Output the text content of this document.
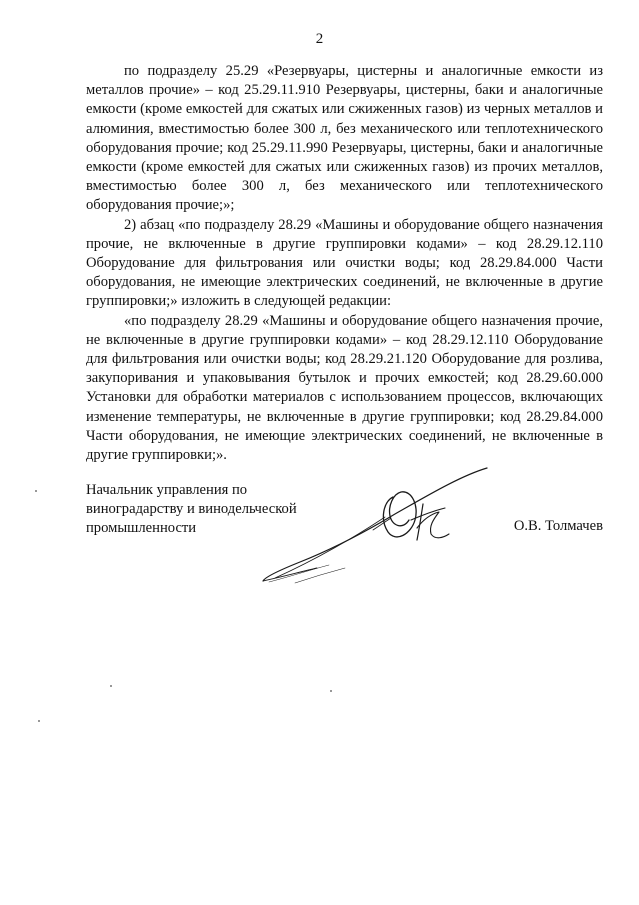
2

по подразделу 25.29 «Резервуары, цистерны и аналогичные емкости из металлов прочие» – код 25.29.11.910 Резервуары, цистерны, баки и аналогичные емкости (кроме емкостей для сжатых или сжиженных газов) из черных металлов и алюминия, вместимостью более 300 л, без механического или теплотехнического оборудования прочие; код 25.29.11.990 Резервуары, цистерны, баки и аналогичные емкости (кроме емкостей для сжатых или сжиженных газов) из прочих металлов, вместимостью более 300 л, без механического или теплотехнического оборудования прочие;»;

2) абзац «по подразделу 28.29 «Машины и оборудование общего назначения прочие, не включенные в другие группировки кодами» – код 28.29.12.110 Оборудование для фильтрования или очистки воды; код 28.29.84.000 Части оборудования, не имеющие электрических соединений, не включенные в другие группировки;» изложить в следующей редакции:

«по подразделу 28.29 «Машины и оборудование общего назначения прочие, не включенные в другие группировки кодами» – код 28.29.12.110 Оборудование для фильтрования или очистки воды; код 28.29.21.120 Оборудование для розлива, закупоривания и упаковывания бутылок и прочих емкостей; код 28.29.60.000 Установки для обработки материалов с использованием процессов, включающих изменение температуры, не включенные в другие группировки; код 28.29.84.000 Части оборудования, не имеющие электрических соединений, не включенные в другие группировки;».

Начальник управления по
виноградарству и винодельческой
промышленности	О.В. Толмачев
